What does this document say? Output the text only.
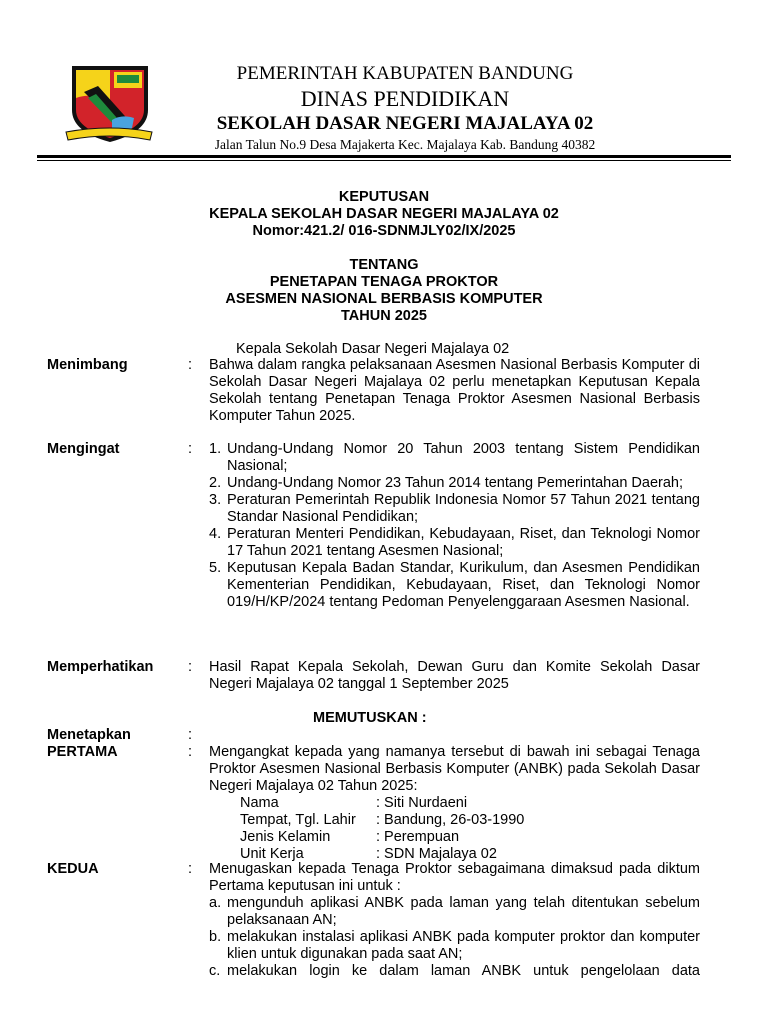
PEMERINTAH KABUPATEN BANDUNG
DINAS PENDIDIKAN
SEKOLAH DASAR NEGERI MAJALAYA 02
Jalan Talun No.9 Desa Majakerta Kec. Majalaya Kab. Bandung 40382
KEPUTUSAN
KEPALA SEKOLAH DASAR NEGERI MAJALAYA 02
Nomor:421.2/ 016-SDNMJLY02/IX/2025
TENTANG
PENETAPAN TENAGA PROKTOR
ASESMEN NASIONAL BERBASIS KOMPUTER
TAHUN 2025
Kepala Sekolah Dasar Negeri Majalaya 02
Menimbang	: Bahwa dalam rangka pelaksanaan Asesmen Nasional Berbasis Komputer di Sekolah Dasar Negeri Majalaya 02 perlu menetapkan Keputusan Kepala Sekolah tentang Penetapan Tenaga Proktor Asesmen Nasional Berbasis Komputer Tahun 2025.
Mengingat	: 1. Undang-Undang Nomor 20 Tahun 2003 tentang Sistem Pendidikan Nasional;
2. Undang-Undang Nomor 23 Tahun 2014 tentang Pemerintahan Daerah;
3. Peraturan Pemerintah Republik Indonesia Nomor 57 Tahun 2021 tentang Standar Nasional Pendidikan;
4. Peraturan Menteri Pendidikan, Kebudayaan, Riset, dan Teknologi Nomor 17 Tahun 2021 tentang Asesmen Nasional;
5. Keputusan Kepala Badan Standar, Kurikulum, dan Asesmen Pendidikan Kementerian Pendidikan, Kebudayaan, Riset, dan Teknologi Nomor 019/H/KP/2024 tentang Pedoman Penyelenggaraan Asesmen Nasional.
Memperhatikan : Hasil Rapat Kepala Sekolah, Dewan Guru dan Komite Sekolah Dasar Negeri Majalaya 02 tanggal 1 September 2025
MEMUTUSKAN :
Menetapkan	:
PERTAMA	: Mengangkat kepada yang namanya tersebut di bawah ini sebagai Tenaga Proktor Asesmen Nasional Berbasis Komputer (ANBK) pada Sekolah Dasar Negeri Majalaya 02 Tahun 2025:
Nama	: Siti Nurdaeni
Tempat, Tgl. Lahir	: Bandung, 26-03-1990
Jenis Kelamin	: Perempuan
Unit Kerja	: SDN Majalaya 02
KEDUA	: Menugaskan kepada Tenaga Proktor sebagaimana dimaksud pada diktum Pertama keputusan ini untuk :
a. mengunduh aplikasi ANBK pada laman yang telah ditentukan sebelum pelaksanaan AN;
b. melakukan instalasi aplikasi ANBK pada komputer proktor dan komputer klien untuk digunakan pada saat AN;
c. melakukan login ke dalam laman ANBK untuk pengelolaan data
